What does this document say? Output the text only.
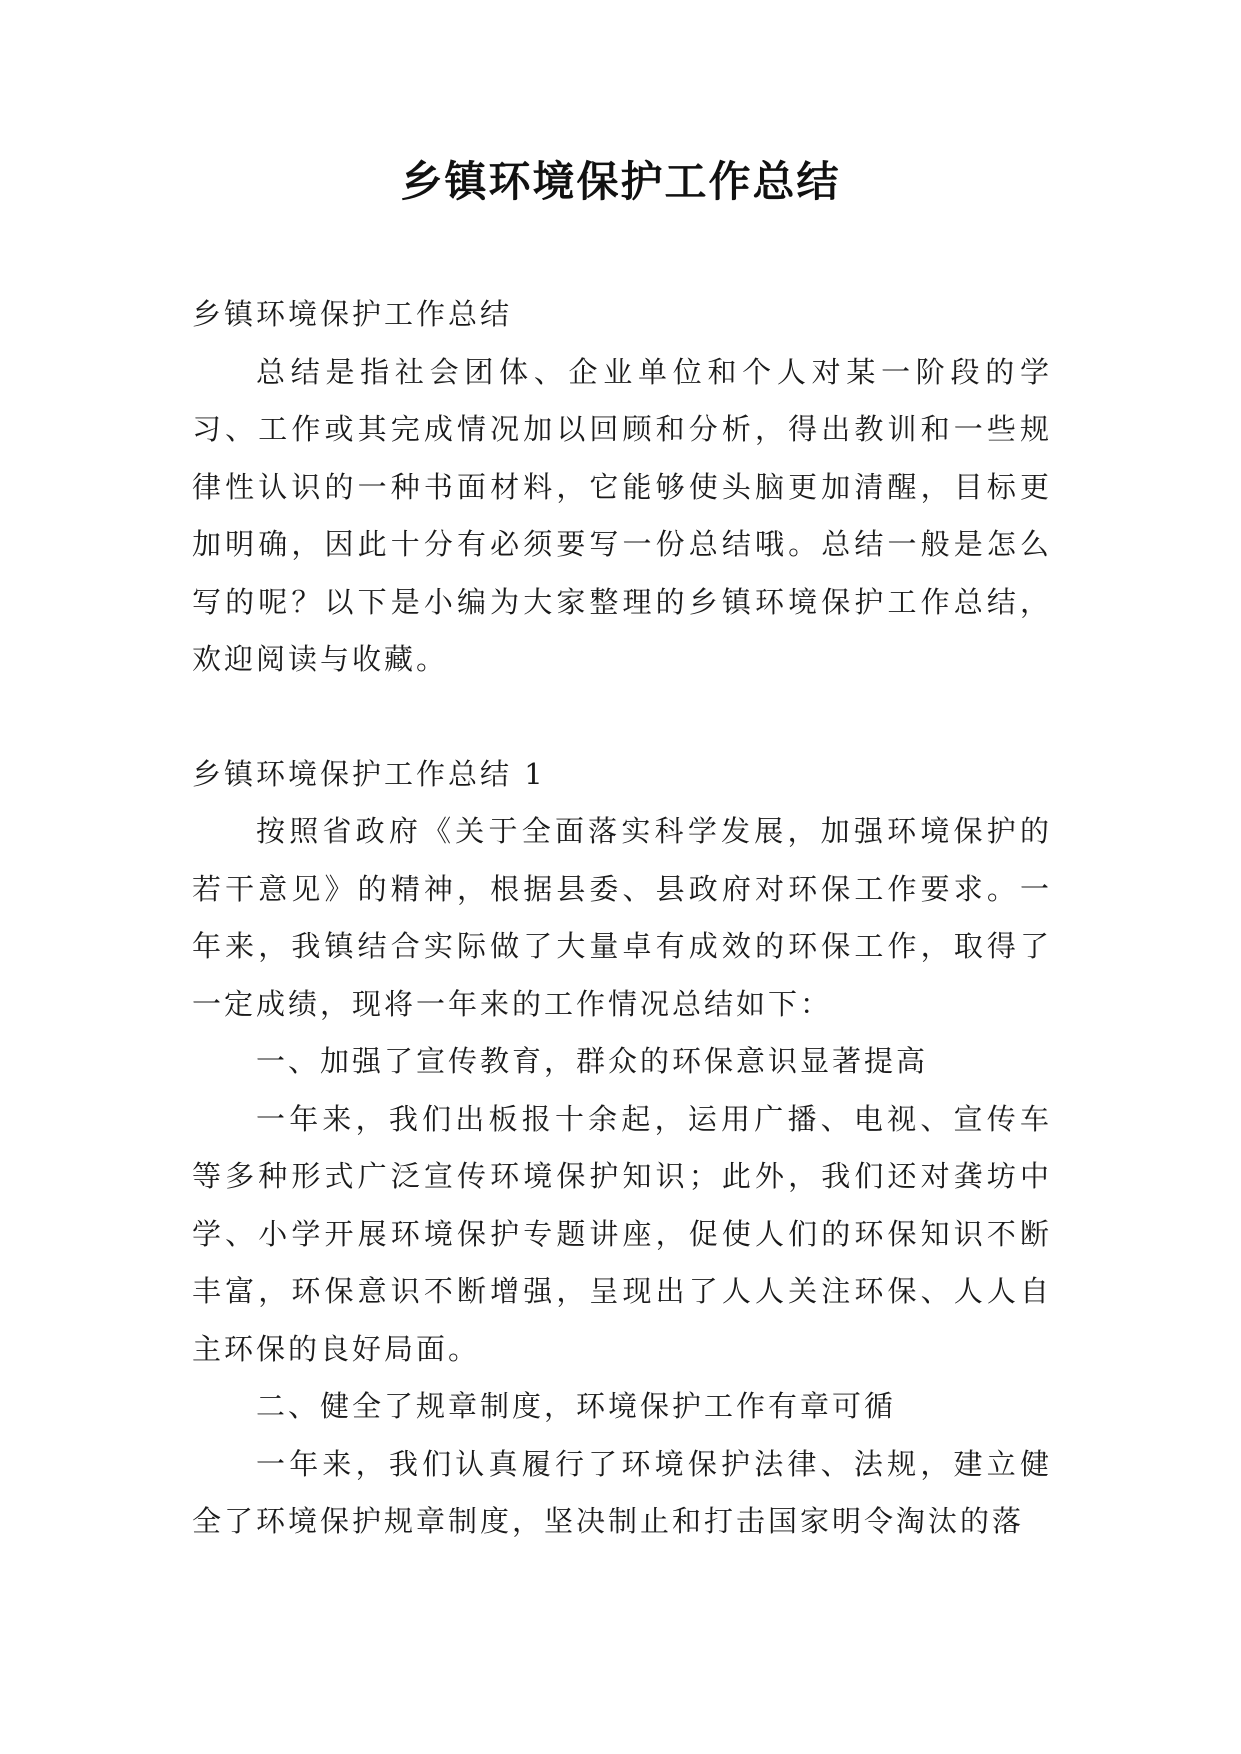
乡镇环境保护工作总结

乡镇环境保护工作总结

总结是指社会团体、企业单位和个人对某一阶段的学习、工作或其完成情况加以回顾和分析，得出教训和一些规律性认识的一种书面材料，它能够使头脑更加清醒，目标更加明确，因此十分有必须要写一份总结哦。总结一般是怎么写的呢？以下是小编为大家整理的乡镇环境保护工作总结，欢迎阅读与收藏。

乡镇环境保护工作总结 1

按照省政府《关于全面落实科学发展，加强环境保护的若干意见》的精神，根据县委、县政府对环保工作要求。一年来，我镇结合实际做了大量卓有成效的环保工作，取得了一定成绩，现将一年来的工作情况总结如下：

一、加强了宣传教育，群众的环保意识显著提高

一年来，我们出板报十余起，运用广播、电视、宣传车等多种形式广泛宣传环境保护知识；此外，我们还对龚坊中学、小学开展环境保护专题讲座，促使人们的环保知识不断丰富，环保意识不断增强，呈现出了人人关注环保、人人自主环保的良好局面。

二、健全了规章制度，环境保护工作有章可循

一年来，我们认真履行了环境保护法律、法规，建立健全了环境保护规章制度，坚决制止和打击国家明令淘汰的落
